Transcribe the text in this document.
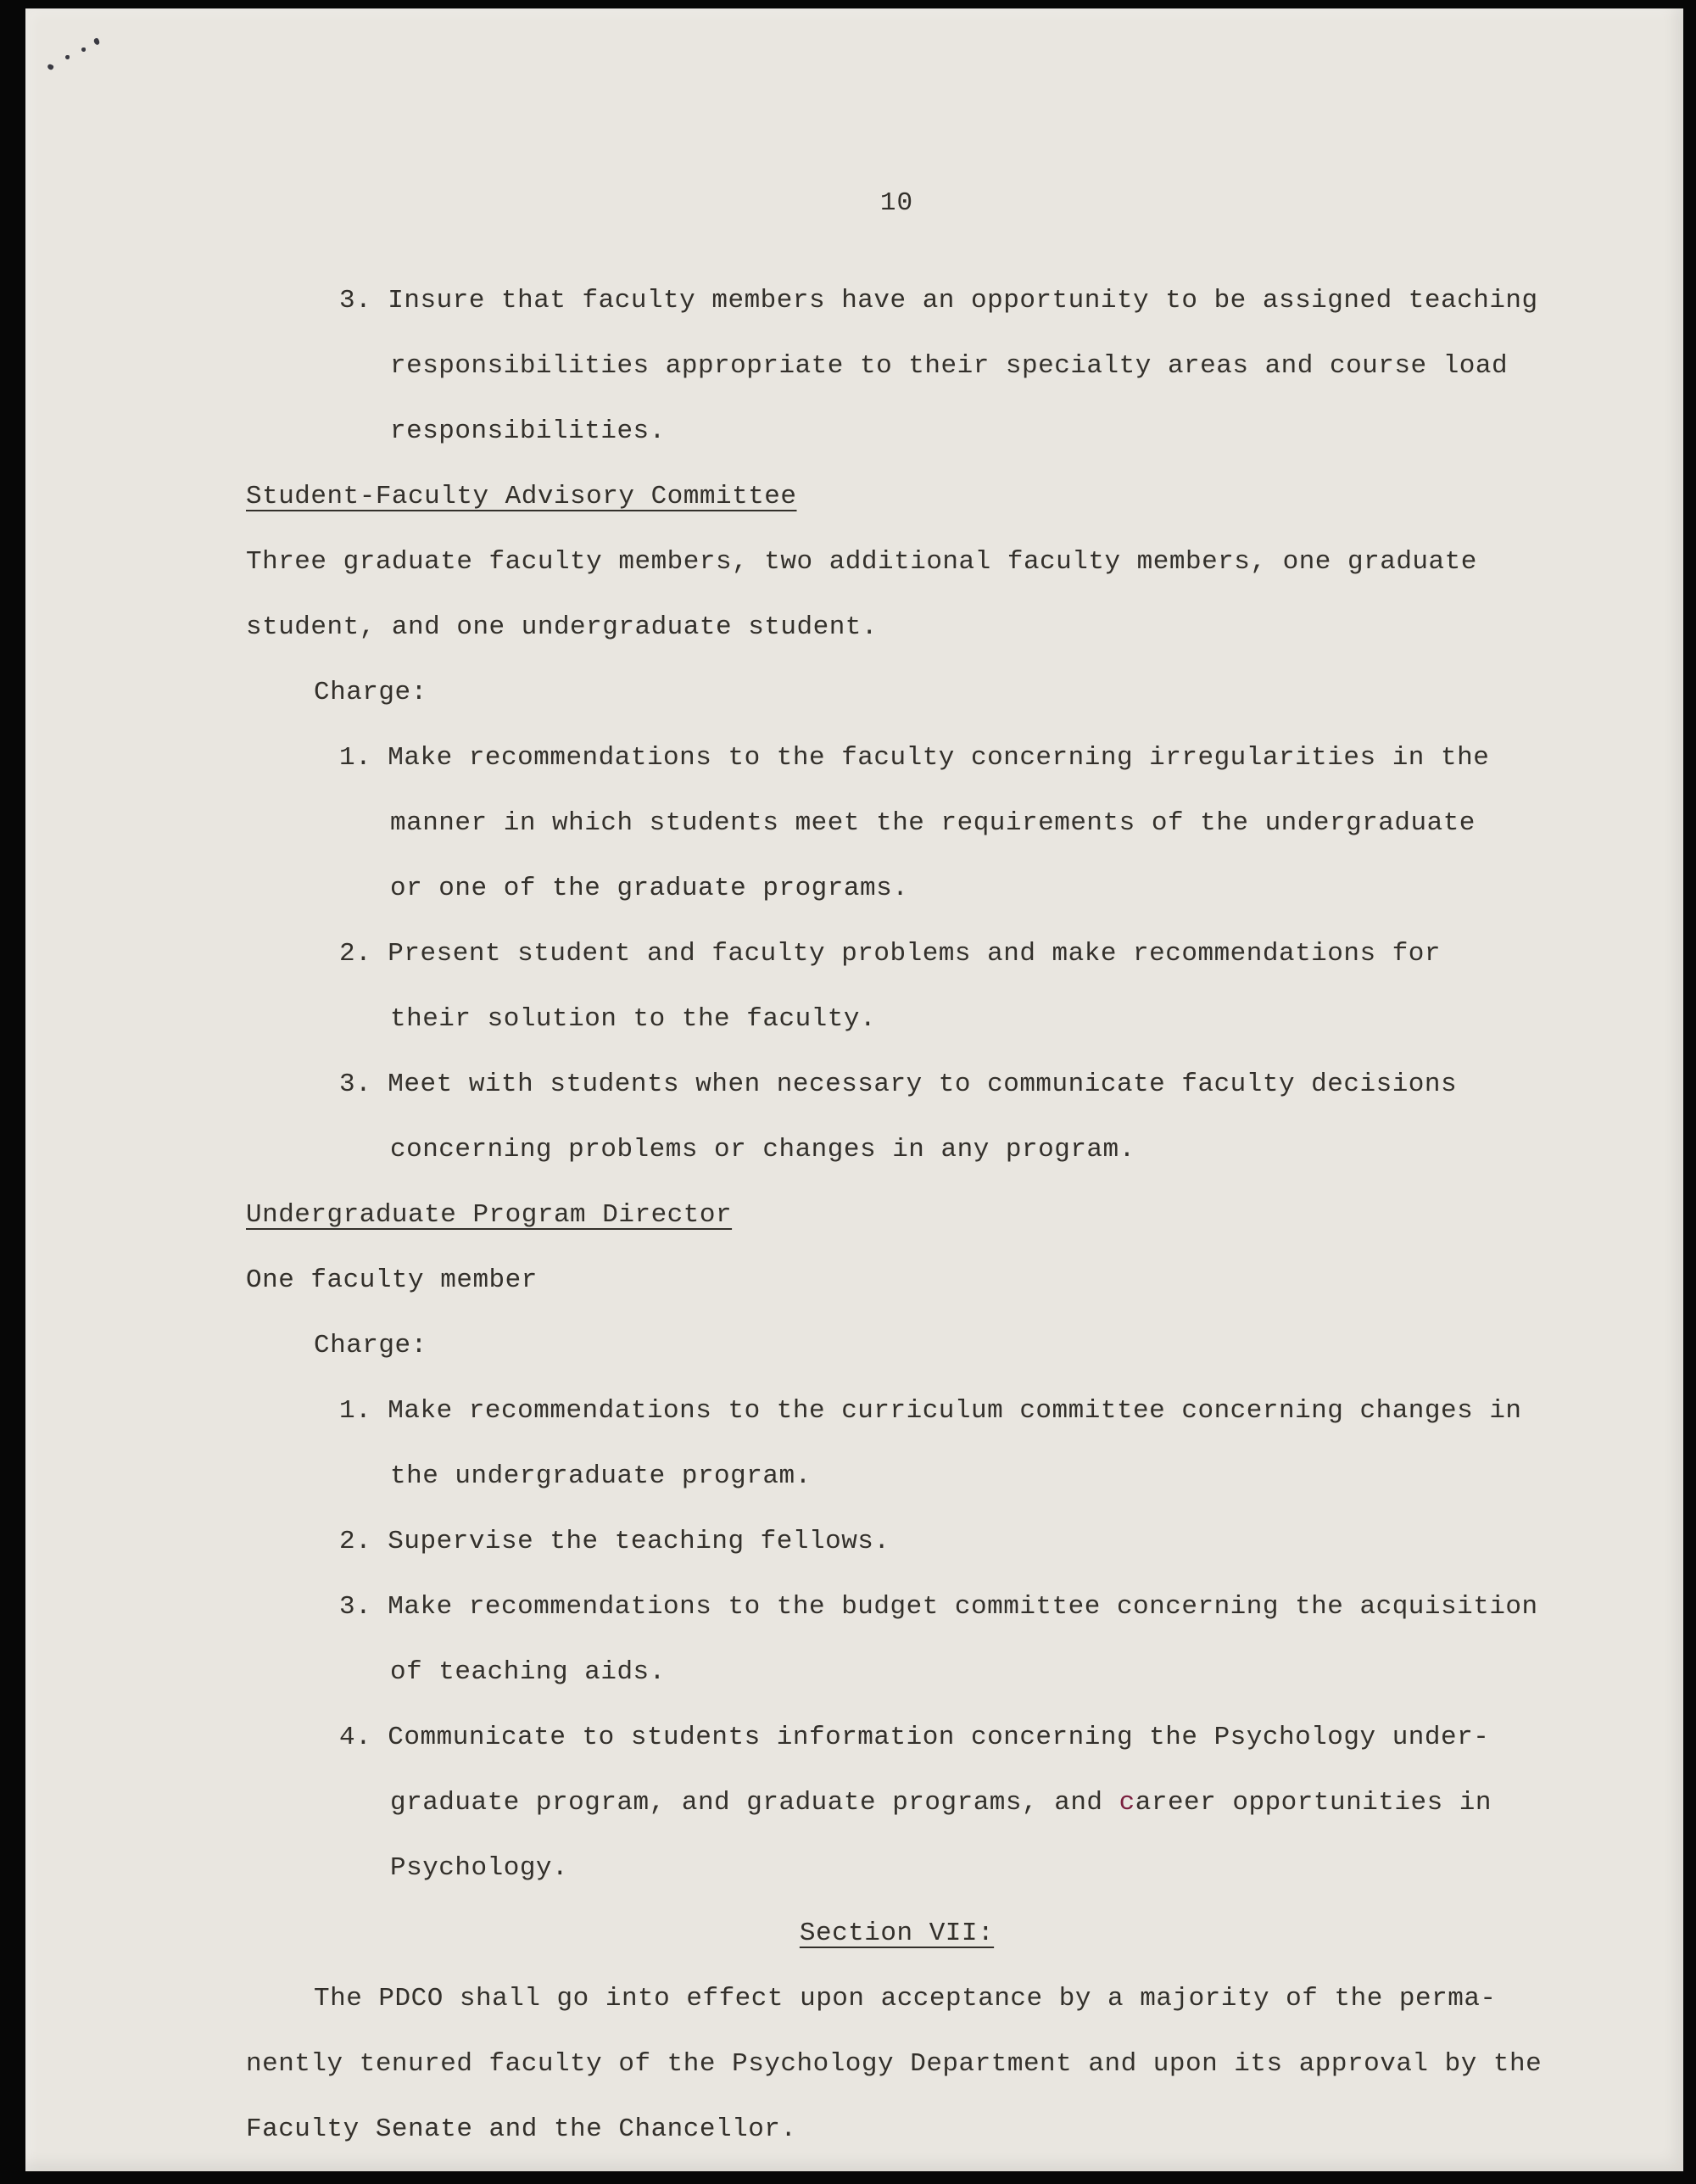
10
3. Insure that faculty members have an opportunity to be assigned teaching
responsibilities appropriate to their specialty areas and course load
responsibilities.
Student-Faculty Advisory Committee
Three graduate faculty members, two additional faculty members, one graduate
student, and one undergraduate student.
Charge:
1. Make recommendations to the faculty concerning irregularities in the
manner in which students meet the requirements of the undergraduate
or one of the graduate programs.
2. Present student and faculty problems and make recommendations for
their solution to the faculty.
3. Meet with students when necessary to communicate faculty decisions
concerning problems or changes in any program.
Undergraduate Program Director
One faculty member
Charge:
1. Make recommendations to the curriculum committee concerning changes in
the undergraduate program.
2. Supervise the teaching fellows.
3. Make recommendations to the budget committee concerning the acquisition
of teaching aids.
4. Communicate to students information concerning the Psychology under-
graduate program, and graduate programs, and career opportunities in
Psychology.
Section VII:
The PDCO shall go into effect upon acceptance by a majority of the perma-
nently tenured faculty of the Psychology Department and upon its approval by the
Faculty Senate and the Chancellor.
